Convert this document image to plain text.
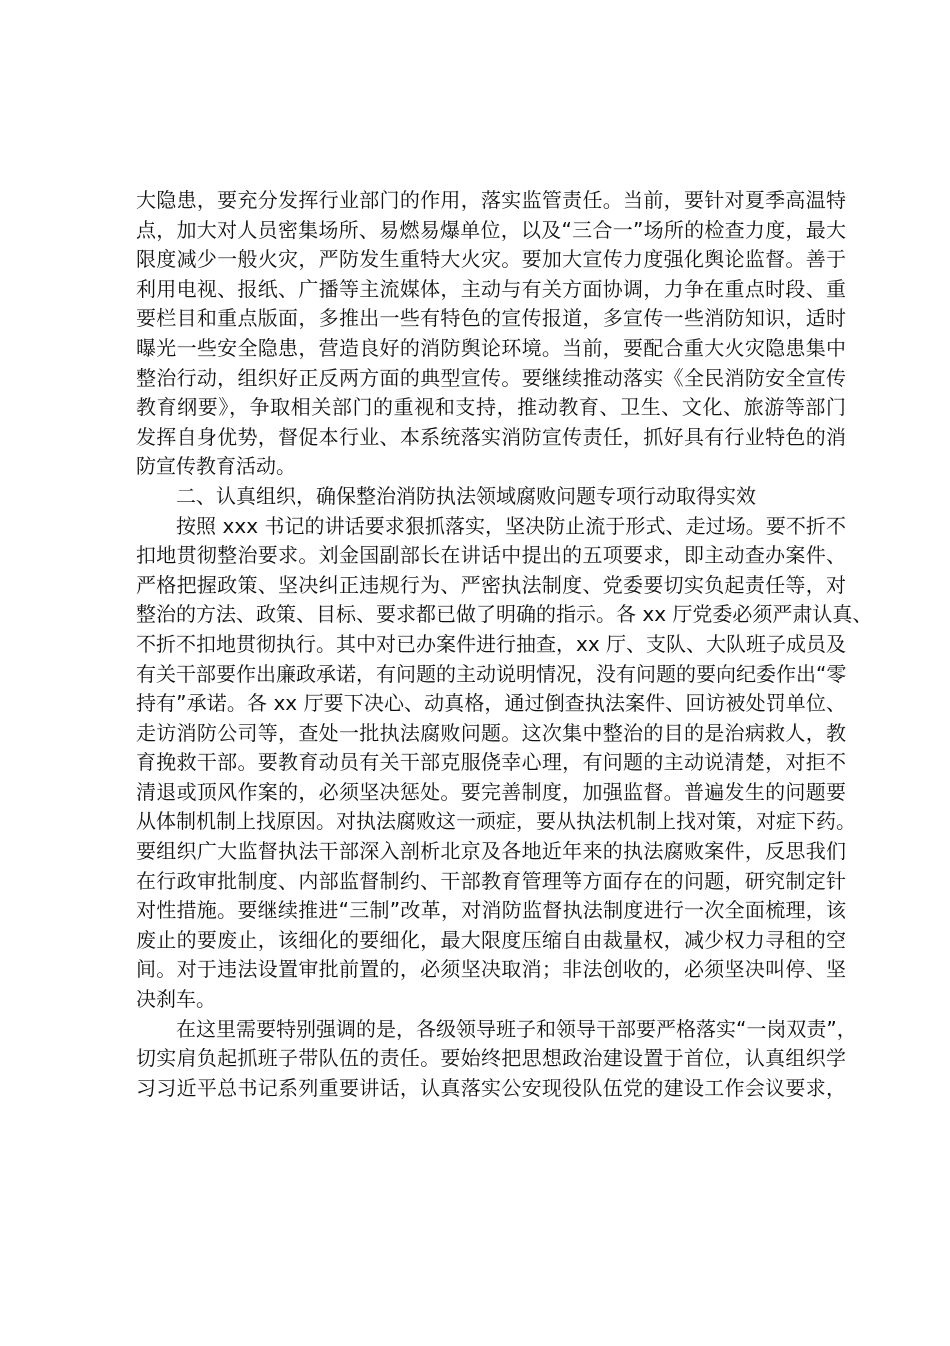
大隐患，要充分发挥行业部门的作用，落实监管责任。当前，要针对夏季高温特
点，加大对人员密集场所、易燃易爆单位，以及“三合一”场所的检查力度，最大
限度减少一般火灾，严防发生重特大火灾。要加大宣传力度强化舆论监督。善于
利用电视、报纸、广播等主流媒体，主动与有关方面协调，力争在重点时段、重
要栏目和重点版面，多推出一些有特色的宣传报道，多宣传一些消防知识，适时
曝光一些安全隐患，营造良好的消防舆论环境。当前，要配合重大火灾隐患集中
整治行动，组织好正反两方面的典型宣传。要继续推动落实《全民消防安全宣传
教育纲要》，争取相关部门的重视和支持，推动教育、卫生、文化、旅游等部门
发挥自身优势，督促本行业、本系统落实消防宣传责任，抓好具有行业特色的消
防宣传教育活动。
二、认真组织，确保整治消防执法领域腐败问题专项行动取得实效
按照 xxx 书记的讲话要求狠抓落实，坚决防止流于形式、走过场。要不折不
扣地贯彻整治要求。刘金国副部长在讲话中提出的五项要求，即主动查办案件、
严格把握政策、坚决纠正违规行为、严密执法制度、党委要切实负起责任等，对
整治的方法、政策、目标、要求都已做了明确的指示。各 xx 厅党委必须严肃认真、
不折不扣地贯彻执行。其中对已办案件进行抽查，xx 厅、支队、大队班子成员及
有关干部要作出廉政承诺，有问题的主动说明情况，没有问题的要向纪委作出“零
持有”承诺。各 xx 厅要下决心、动真格，通过倒查执法案件、回访被处罚单位、
走访消防公司等，查处一批执法腐败问题。这次集中整治的目的是治病救人，教
育挽救干部。要教育动员有关干部克服侥幸心理，有问题的主动说清楚，对拒不
清退或顶风作案的，必须坚决惩处。要完善制度，加强监督。普遍发生的问题要
从体制机制上找原因。对执法腐败这一顽症，要从执法机制上找对策，对症下药。
要组织广大监督执法干部深入剖析北京及各地近年来的执法腐败案件，反思我们
在行政审批制度、内部监督制约、干部教育管理等方面存在的问题，研究制定针
对性措施。要继续推进“三制”改革，对消防监督执法制度进行一次全面梳理，该
废止的要废止，该细化的要细化，最大限度压缩自由裁量权，减少权力寻租的空
间。对于违法设置审批前置的，必须坚决取消；非法创收的，必须坚决叫停、坚
决刹车。
在这里需要特别强调的是，各级领导班子和领导干部要严格落实“一岗双责”，
切实肩负起抓班子带队伍的责任。要始终把思想政治建设置于首位，认真组织学
习习近平总书记系列重要讲话，认真落实公安现役队伍党的建设工作会议要求，
